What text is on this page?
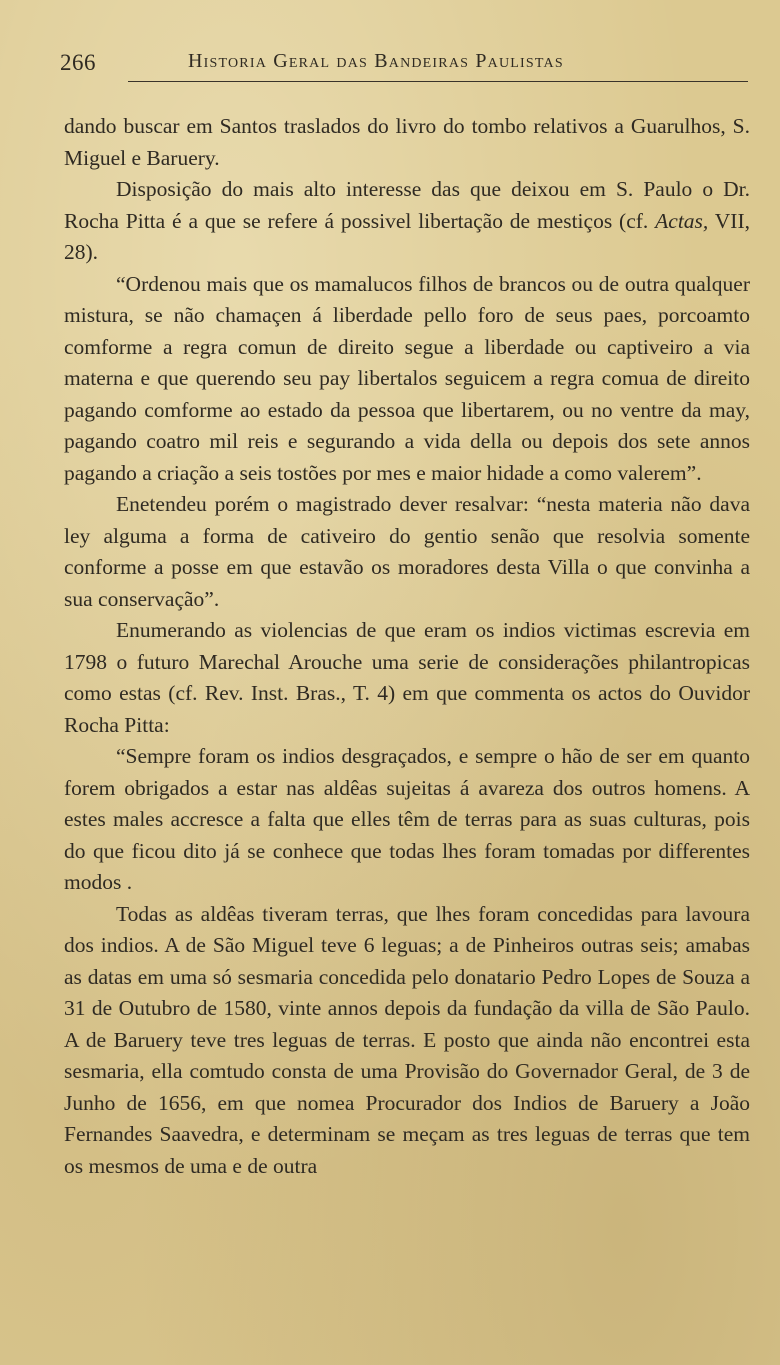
266	Historia Geral das Bandeiras Paulistas

dando buscar em Santos traslados do livro do tombo relativos a Guarulhos, S. Miguel e Baruery.

Disposição do mais alto interesse das que deixou em S. Paulo o Dr. Rocha Pitta é a que se refere á possivel libertação de mestiços (cf. Actas, VII, 28).

“Ordenou mais que os mamalucos filhos de brancos ou de outra qualquer mistura, se não chamaçen á liberdade pello foro de seus paes, porcoamto comforme a regra comun de direito segue a liberdade ou captiveiro a via materna e que querendo seu pay libertalos seguicem a regra comua de direito pagando comforme ao estado da pessoa que libertarem, ou no ventre da may, pagando coatro mil reis e segurando a vida della ou depois dos sete annos pagando a criação a seis tostões por mes e maior hidade a como valerem”.

Enetendeu porém o magistrado dever resalvar: “nesta materia não dava ley alguma a forma de cativeiro do gentio senão que resolvia somente conforme a posse em que estavão os moradores desta Villa o que convinha a sua conservação”.

Enumerando as violencias de que eram os indios victimas escrevia em 1798 o futuro Marechal Arouche uma serie de considerações philantropicas como estas (cf. Rev. Inst. Bras., T. 4) em que commenta os actos do Ouvidor Rocha Pitta:

“Sempre foram os indios desgraçados, e sempre o hão de ser em quanto forem obrigados a estar nas aldêas sujeitas á avareza dos outros homens. A estes males accresce a falta que elles têm de terras para as suas culturas, pois do que ficou dito já se conhece que todas lhes foram tomadas por differentes modos .

Todas as aldêas tiveram terras, que lhes foram concedidas para lavoura dos indios. A de São Miguel teve 6 leguas; a de Pinheiros outras seis; amabas as datas em uma só sesmaria concedida pelo donatario Pedro Lopes de Souza a 31 de Outubro de 1580, vinte annos depois da fundação da villa de São Paulo. A de Baruery teve tres leguas de terras. E posto que ainda não encontrei esta sesmaria, ella comtudo consta de uma Provisão do Governador Geral, de 3 de Junho de 1656, em que nomea Procurador dos Indios de Baruery a João Fernandes Saavedra, e determinam se meçam as tres leguas de terras que tem os mesmos de uma e de outra
